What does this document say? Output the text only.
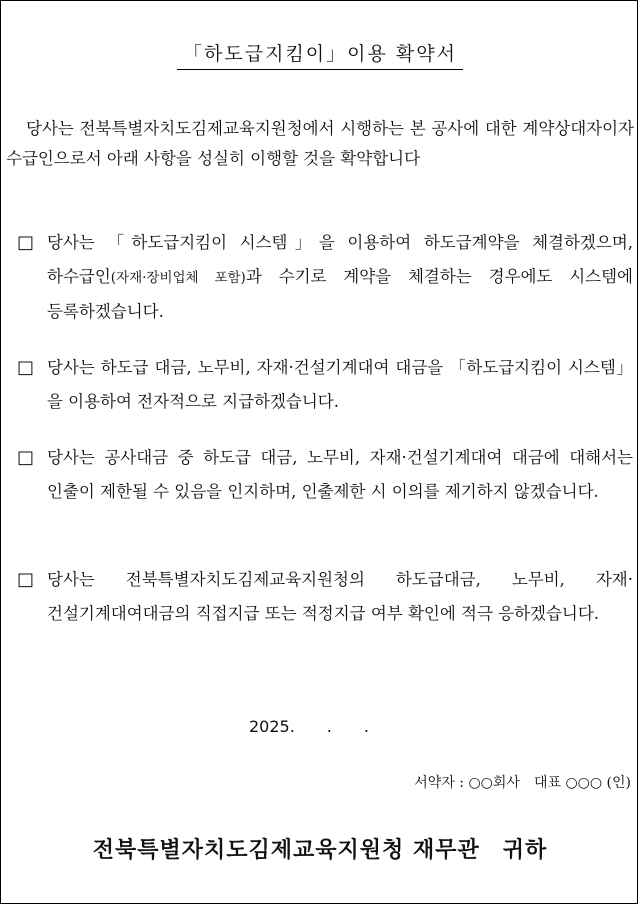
「하도급지킴이」이용 확약서
당사는 전북특별자치도김제교육지원청에서 시행하는 본 공사에 대한 계약상대자이자 수급인으로서 아래 사항을 성실히 이행할 것을 확약합니다
□ 당사는 「하도급지킴이 시스템」을 이용하여 하도급계약을 체결하겠으며, 하수급인(자재·장비업체 포함)과 수기로 계약을 체결하는 경우에도 시스템에 등록하겠습니다.
□ 당사는 하도급 대금, 노무비, 자재·건설기계대여 대금을 「하도급지킴이 시스템」을 이용하여 전자적으로 지급하겠습니다.
□ 당사는 공사대금 중 하도급 대금, 노무비, 자재·건설기계대여 대금에 대해서는 인출이 제한될 수 있음을 인지하며, 인출제한 시 이의를 제기하지 않겠습니다.
□ 당사는 전북특별자치도김제교육지원청의 하도급대금, 노무비, 자재·건설기계대여대금의 직접지급 또는 적정지급 여부 확인에 적극 응하겠습니다.
2025.　　.　　.
서약자 : ○○회사　대표 ○○○ (인)
전북특별자치도김제교육지원청 재무관　귀하
